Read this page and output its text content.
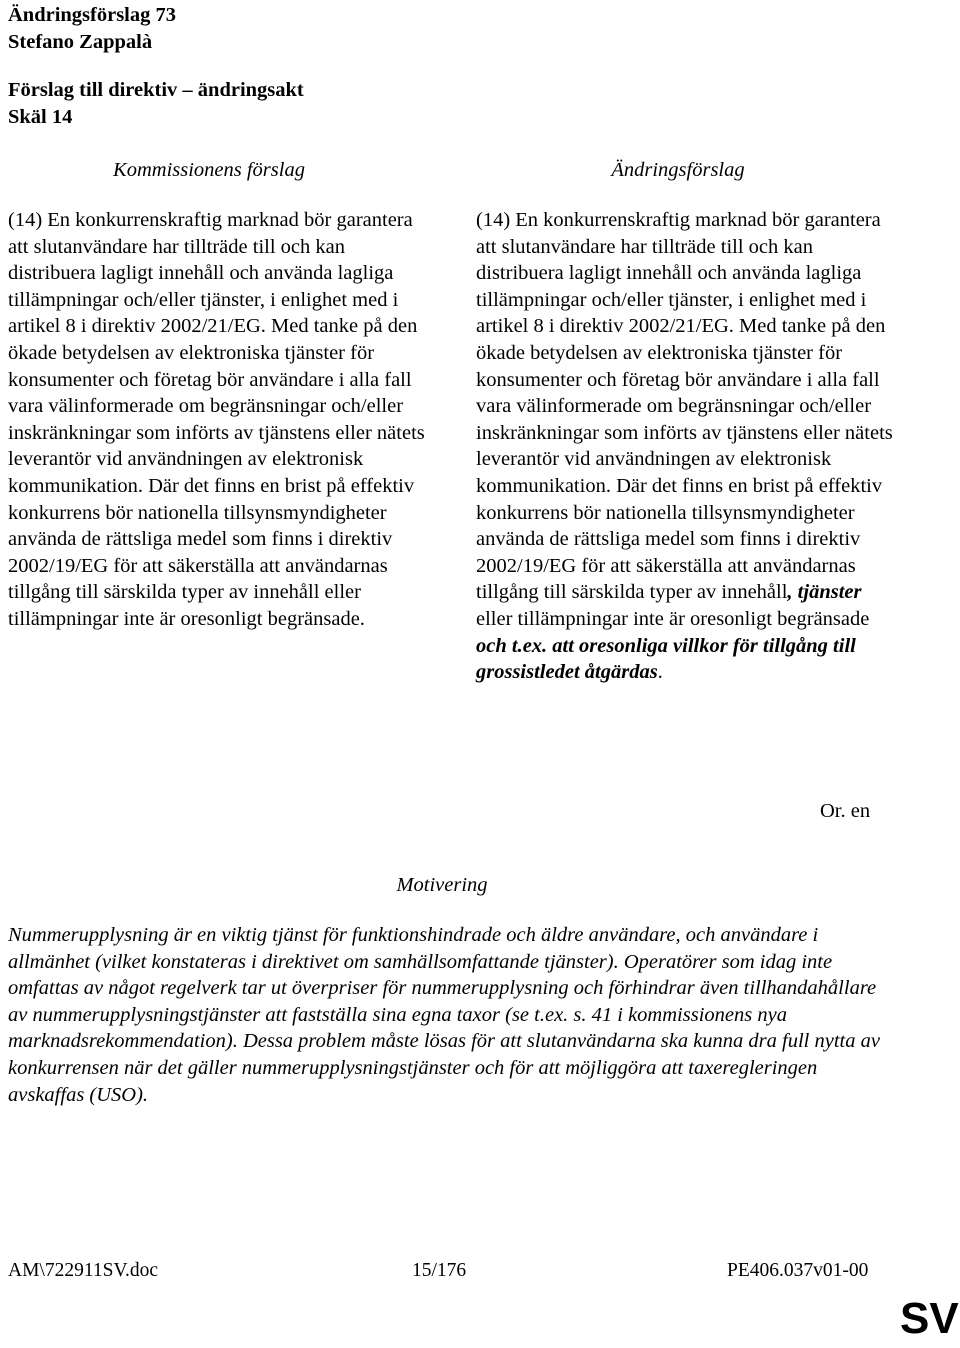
Ändringsförslag 73
Stefano Zappalà
Förslag till direktiv – ändringsakt
Skäl 14
Kommissionens förslag	Ändringsförslag

(14) En konkurrenskraftig marknad bör garantera att slutanvändare har tillträde till och kan distribuera lagligt innehåll och använda lagliga tillämpningar och/eller tjänster, i enlighet med i artikel 8 i direktiv 2002/21/EG. Med tanke på den ökade betydelsen av elektroniska tjänster för konsumenter och företag bör användare i alla fall vara välinformerade om begränsningar och/eller inskränkningar som införts av tjänstens eller nätets leverantör vid användningen av elektronisk kommunikation. Där det finns en brist på effektiv konkurrens bör nationella tillsynsmyndigheter använda de rättsliga medel som finns i direktiv 2002/19/EG för att säkerställa att användarnas tillgång till särskilda typer av innehåll eller tillämpningar inte är oresonligt begränsade.

(14) En konkurrenskraftig marknad bör garantera att slutanvändare har tillträde till och kan distribuera lagligt innehåll och använda lagliga tillämpningar och/eller tjänster, i enlighet med i artikel 8 i direktiv 2002/21/EG. Med tanke på den ökade betydelsen av elektroniska tjänster för konsumenter och företag bör användare i alla fall vara välinformerade om begränsningar och/eller inskränkningar som införts av tjänstens eller nätets leverantör vid användningen av elektronisk kommunikation. Där det finns en brist på effektiv konkurrens bör nationella tillsynsmyndigheter använda de rättsliga medel som finns i direktiv 2002/19/EG för att säkerställa att användarnas tillgång till särskilda typer av innehåll, tjänster eller tillämpningar inte är oresonligt begränsade och t.ex. att oresonliga villkor för tillgång till grossistledet åtgärdas.

Or. en
Motivering

Nummerupplysning är en viktig tjänst för funktionshindrade och äldre användare, och användare i allmänhet (vilket konstateras i direktivet om samhällsomfattande tjänster). Operatörer som idag inte omfattas av något regelverk tar ut överpriser för nummerupplysning och förhindrar även tillhandahållare av nummerupplysningstjänster att fastställa sina egna taxor (se t.ex. s. 41 i kommissionens nya marknadsrekommendation). Dessa problem måste lösas för att slutanvändarna ska kunna dra full nytta av konkurrensen när det gäller nummerupplysningstjänster och för att möjliggöra att taxeregleringen avskaffas (USO).

AM\722911SV.doc	15/176	PE406.037v01-00
SV
